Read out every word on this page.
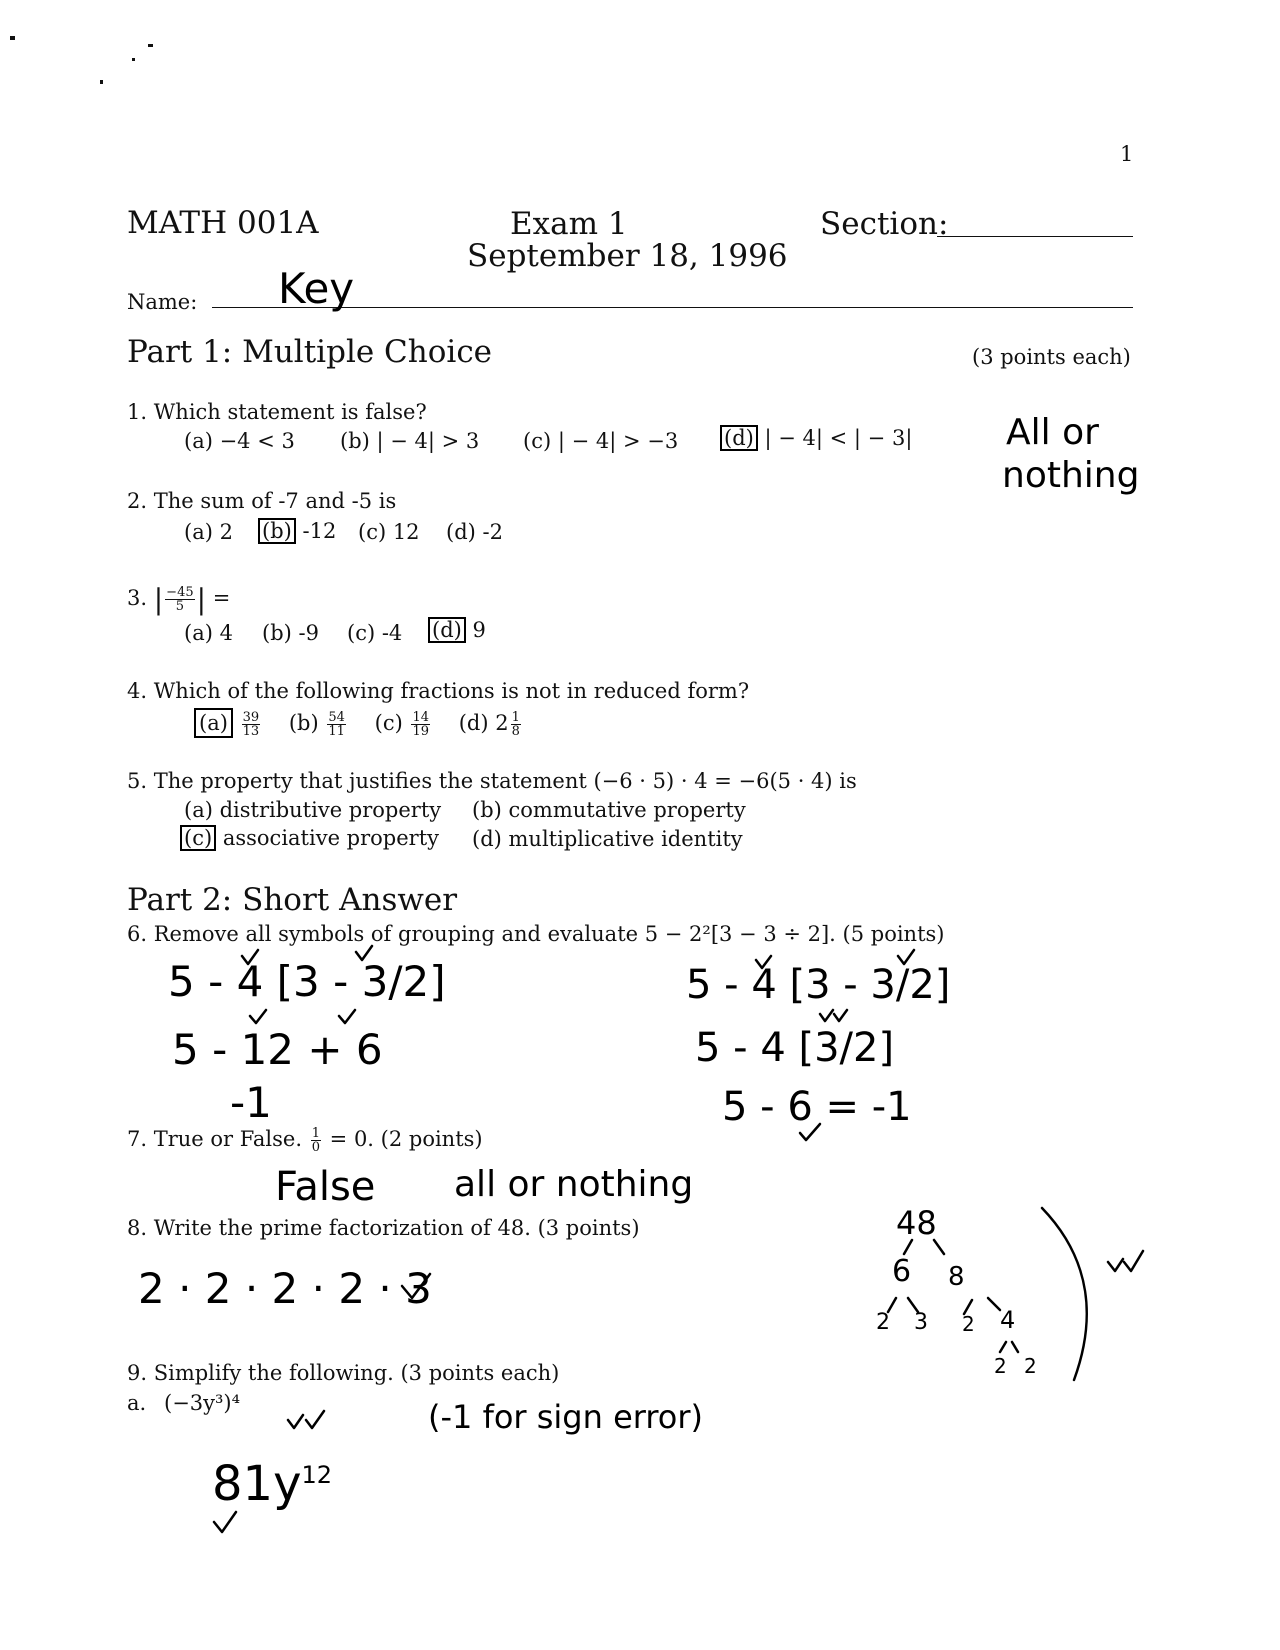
1
MATH 001A	Exam 1
September 18, 1996
Section:
Name: Key
Part 1: Multiple Choice	(3 points each)
All or
nothing
1. Which statement is false?
(a) −4 < 3 (b) | − 4| > 3 (c) | − 4| > −3 (d) | − 4| < | − 3|
2. The sum of -7 and -5 is
(a) 2 (b) -12 (c) 12 (d) -2
3. | $\frac{-45}{5}$ | =
(a) 4 (b) -9 (c) -4 (d) 9
4. Which of the following fractions is not in reduced form?
$(a) \frac{39}{13} (b) \frac{54}{11} (c) \frac{14}{19} (d)$ $2 \frac{1}{8}$
5. The property that justifies the statement (−6 · 5) · 4 = −6(5 · 4) is
(a) distributive property (b) commutative property
(c) associative property (d) multiplicative identity
Part 2: Short Answer
6. Remove all symbols of grouping and evaluate 5 − 2²[3 − 3 ÷ 2]. (5 points)
5 - 4 [3 - 3/2]
5 - 12 + 6
-1
5 - 4 [3 - 3/2]
5 - 4 [3/2]
5 - 6 = -1
7. True or False. $\frac{1}{0} = 0$. (2 points)
False all or nothing
8. Write the prime factorization of 48. (3 points)
2 · 2 · 2 · 2 · 3
48
6 8
2 3 2 4
2 2
9. Simplify the following. (3 points each)
a. (−3y³)⁴	(-1 for sign error)
$81y^{12}$
